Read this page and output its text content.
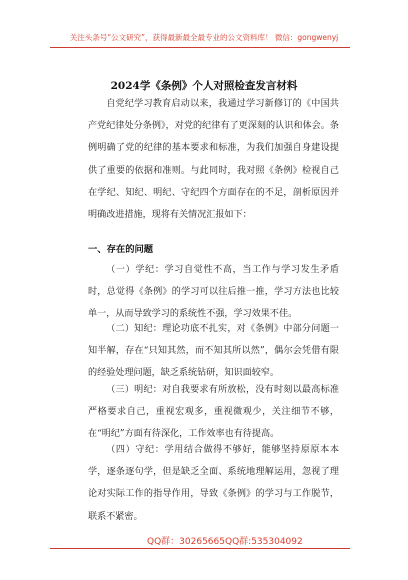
关注头条号“公文研究”，获得最新最全最专业的公文资料库！ 微信：gongwenyj
2024学《条例》个人对照检查发言材料
自党纪学习教育启动以来，我通过学习新修订的《中国共产党纪律处分条例》，对党的纪律有了更深刻的认识和体会。条例明确了党的纪律的基本要求和标准，为我们加强自身建设提供了重要的依据和准则。与此同时，我对照《条例》检视自己在学纪、知纪、明纪、守纪四个方面存在的不足，剖析原因并明确改进措施，现将有关情况汇报如下：
一、存在的问题
（一）学纪：学习自觉性不高，当工作与学习发生矛盾时，总觉得《条例》的学习可以往后推一推，学习方法也比较单一，从而导致学习的系统性不强，学习效果不佳。
（二）知纪：理论功底不扎实，对《条例》中部分问题一知半解，存在“只知其然，而不知其所以然”，偶尔会凭借有限的经验处理问题，缺乏系统钻研，知识面较窄。
（三）明纪：对自我要求有所放松，没有时刻以最高标准严格要求自己，重视宏观多，重视微观少，关注细节不够，在“明纪”方面有待深化，工作效率也有待提高。
（四）守纪：学用结合做得不够好，能够坚持原原本本学，逐条逐句学，但是缺乏全面、系统地理解运用，忽视了理论对实际工作的指导作用，导致《条例》的学习与工作脱节，联系不紧密。
QQ群：30265665 QQ群:535304092
